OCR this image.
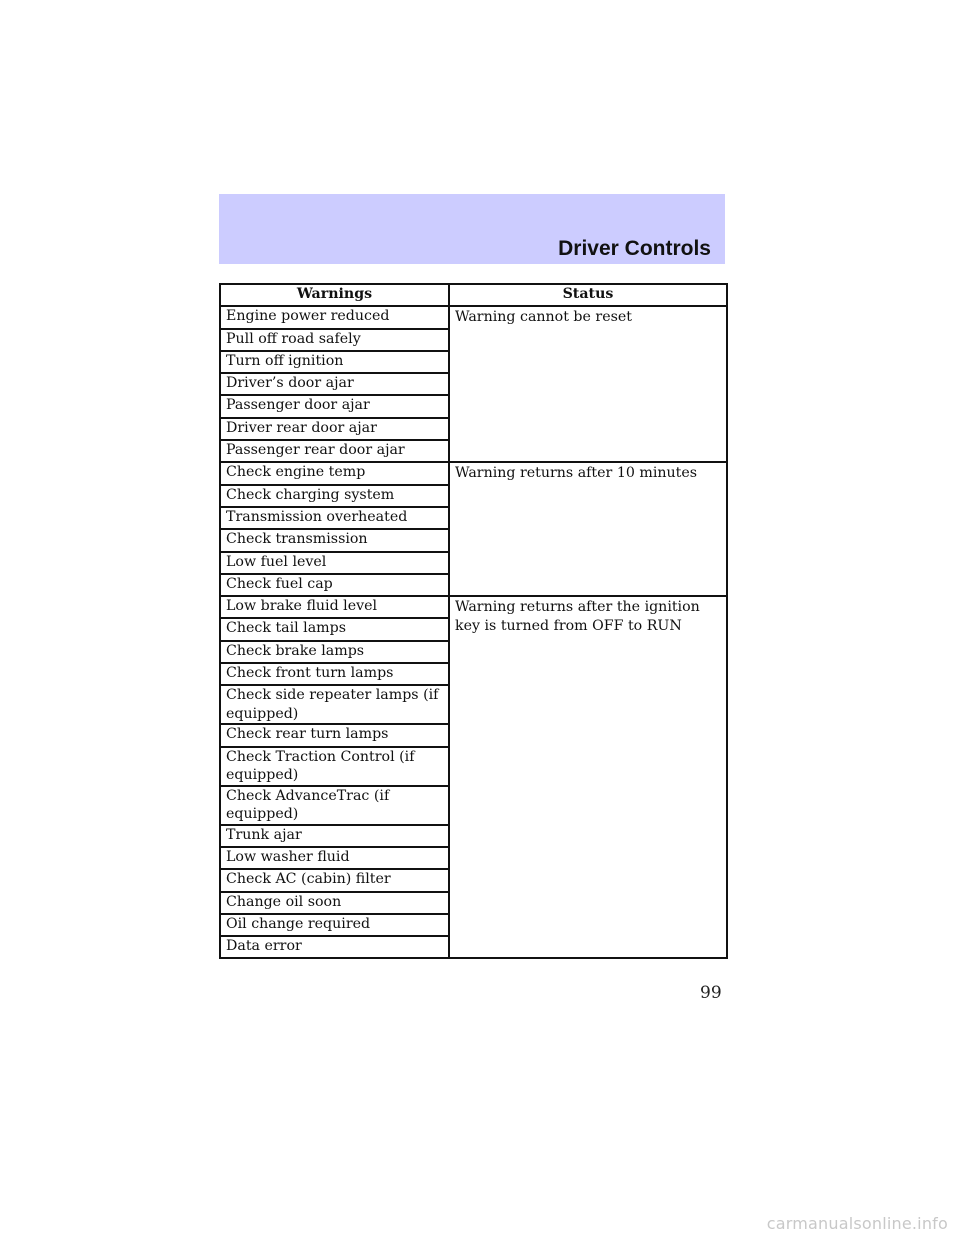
Driver Controls
Warnings	Status
Engine power reduced	Warning cannot be reset
Pull off road safely	
Turn off ignition	
Driver’s door ajar	
Passenger door ajar	
Driver rear door ajar	
Passenger rear door ajar	
Check engine temp	Warning returns after 10 minutes
Check charging system	
Transmission overheated	
Check transmission	
Low fuel level	
Check fuel cap	
Low brake fluid level	Warning returns after the ignition key is turned from OFF to RUN
Check tail lamps	
Check brake lamps	
Check front turn lamps	
Check side repeater lamps (if equipped)	
Check rear turn lamps	
Check Traction Control (if equipped)	
Check AdvanceTrac (if equipped)	
Trunk ajar	
Low washer fluid	
Check AC (cabin) filter	
Change oil soon	
Oil change required	
Data error	
99
carmanualsonline.info
